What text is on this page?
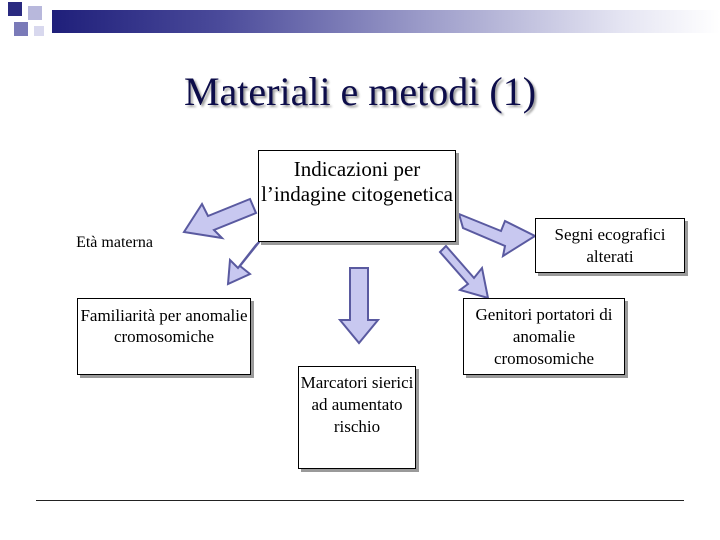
Materiali e metodi (1)
Indicazioni per l’indagine citogenetica
Età materna	Segni ecografici alterati
Familiarità per anomalie cromosomiche
Genitori portatori di anomalie cromosomiche
Marcatori sierici ad aumentato rischio
